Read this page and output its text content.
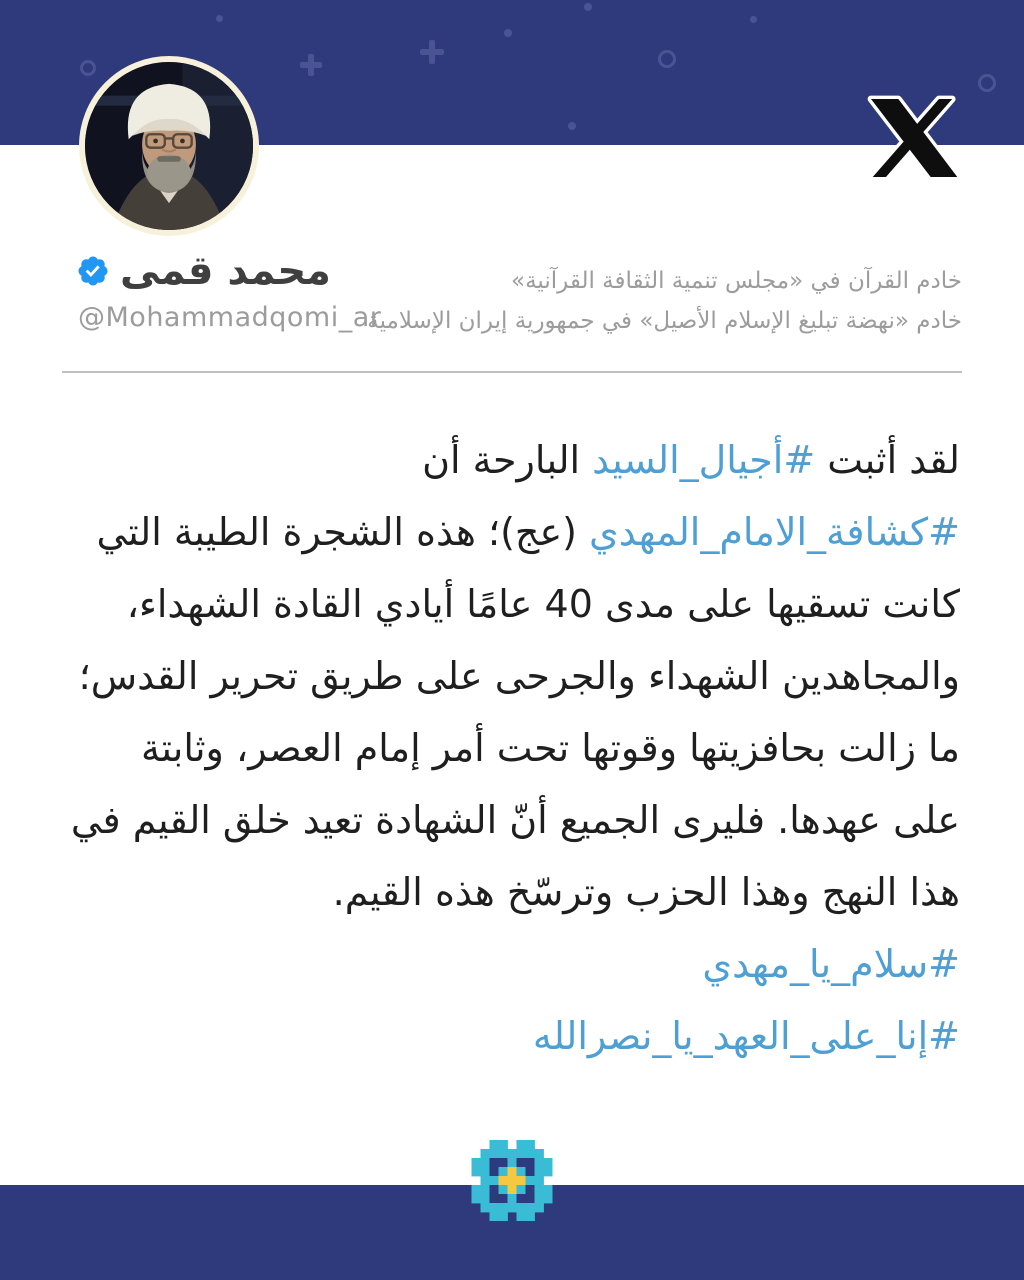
محمد قمی
@Mohammadqomi_ar
خادم القرآن في «مجلس تنمية الثقافة القرآنية»
خادم «نهضة تبليغ الإسلام الأصيل» في جمهورية إيران الإسلامية
لقد أثبت #أجيال_السيد البارحة أن
#كشافة_الامام_المهدي (عج)؛ هذه الشجرة الطيبة التي
كانت تسقيها على مدى 40 عامًا أيادي القادة الشهداء،
والمجاهدين الشهداء والجرحى على طريق تحرير القدس؛
ما زالت بحافزيتها وقوتها تحت أمر إمام العصر، وثابتة
على عهدها. فليرى الجميع أنّ الشهادة تعيد خلق القيم في
هذا النهج وهذا الحزب وترسّخ هذه القيم.
#سلام_يا_مهدي
#إنا_على_العهد_يا_نصرالله
